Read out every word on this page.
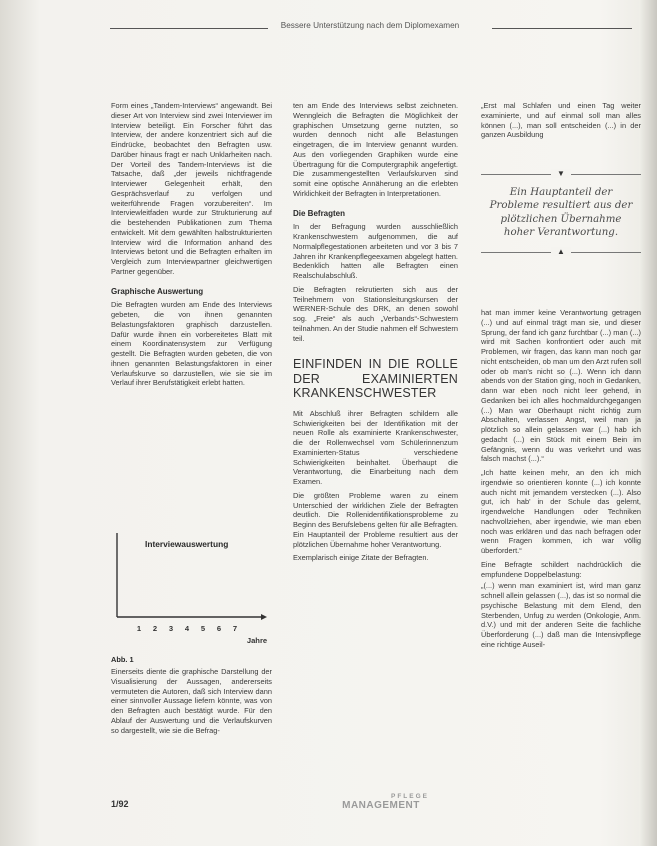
Bessere Unterstützung nach dem Diplomexamen

Form eines „Tandem-Interviews“ angewandt. Bei dieser Art von Interview sind zwei Interviewer im Interview beteiligt. Ein Forscher führt das Interview, der andere konzentriert sich auf die Eindrücke, beobachtet den Befragten usw. Darüber hinaus fragt er nach Unklarheiten nach. Der Vorteil des Tandem-Interviews ist die Tatsache, daß „der jeweils nichtfragende Interviewer Gelegenheit erhält, den Gesprächsverlauf zu verfolgen und weiterführende Fragen vorzubereiten“. Im Interviewleitfaden wurde zur Strukturierung auf die bestehenden Publikationen zum Thema entwickelt. Mit dem gewählten halbstrukturierten Interview wird die Information anhand des Interviews betont und die Befragten erhalten im Vergleich zum Interviewpartner gleichwertigen Partner gegenüber.

Graphische Auswertung

Die Befragten wurden am Ende des Interviews gebeten, die von ihnen genannten Belastungsfaktoren graphisch darzustellen. Dafür wurde ihnen ein vorbereitetes Blatt mit einem Koordinatensystem zur Verfügung gestellt. Die Befragten wurden gebeten, die von ihnen genannten Belastungsfaktoren in einer Verlaufskurve so darzustellen, wie sie sie im Verlauf ihrer Berufstätigkeit erlebt hatten.

Interviewauswertung
1 2 3 4 5 6 7
Jahre
Abb. 1

Einerseits diente die graphische Darstellung der Visualisierung der Aussagen, andererseits vermuteten die Autoren, daß sich Interview dann einer sinnvoller Aussage liefern könnte, was von den Befragten auch bestätigt wurde. Für den Ablauf der Auswertung und die Verlaufskurven so dargestellt, wie sie die Befrag-

ten am Ende des Interviews selbst zeichneten. Wenngleich die Befragten die Möglichkeit der graphischen Umsetzung gerne nutzten, so wurden dennoch nicht alle Belastungen eingetragen, die im Interview genannt wurden. Aus den vorliegenden Graphiken wurde eine Übertragung für die Computergraphik angefertigt. Die zusammengestellten Verlaufskurven sind somit eine optische Annäherung an die erlebten Wirklichkeit der Befragten in Interpretationen.

Die Befragten

In der Befragung wurden ausschließlich Krankenschwestern aufgenommen, die auf Normalpflegestationen arbeiteten und vor 3 bis 7 Jahren ihr Krankenpflegeexamen abgelegt hatten. Bedenklich hatten alle Befragten einen Realschulabschluß.

Die Befragten rekrutierten sich aus der Teilnehmern von Stationsleitungskursen der WERNER-Schule des DRK, an denen sowohl sog. „Freie“ als auch „Verbands“-Schwestern teilnahmen. An der Studie nahmen elf Schwestern teil.

EINFINDEN IN DIE ROLLE DER EXAMINIERTEN KRANKENSCHWESTER

Mit Abschluß ihrer Befragten schildern alle Schwierigkeiten bei der Identifikation mit der neuen Rolle als examinierte Krankenschwester, die der Rollenwechsel vom Schülerinnenzum Examinierten-Status verschiedene Schwierigkeiten beinhaltet. Überhaupt die Verantwortung, die Einarbeitung nach dem Examen.

Die größten Probleme waren zu einem Unterschied der wirklichen Ziele der Befragten deutlich. Die Rollenidentifikationsprobleme zu Beginn des Berufslebens gelten für alle Befragten. Ein Hauptanteil der Probleme resultiert aus der plötzlichen Übernahme hoher Verantwortung.

Exemplarisch einige Zitate der Befragten.

„Erst mal Schlafen und einen Tag weiter examinierte, und auf einmal soll man alles können (...), man soll entscheiden (...) in der ganzen Ausbildung

▼
Ein Hauptanteil der Probleme resultiert aus der plötzlichen Übernahme hoher Verantwortung.
▲

hat man immer keine Verantwortung getragen (...) und auf einmal trägt man sie, und dieser Sprung, der fand ich ganz furchtbar (...) man (...) wird mit Sachen konfrontiert oder auch mit Problemen, wir fragen, das kann man noch gar nicht entscheiden, ob man um den Arzt rufen soll oder ob man's nicht so (...). Wenn ich dann abends von der Station ging, noch in Gedanken, dann war eben noch nicht leer gehend, in Gedanken bei ich alles hochmaldurchgegangen (...) Man war Oberhaupt nicht richtig zum Abschalten, verlassen Angst, weil man ja plötzlich so allein gelassen war (...) hab ich gedacht (...) ein Stück mit einem Bein im Gefängnis, wenn du was verkehrt und was falsch machst (...).“

„Ich hatte keinen mehr, an den ich mich irgendwie so orientieren konnte (...) ich konnte auch nicht mit jemandem verstecken (...). Also gut, ich hab' in der Schule das gelernt, irgendwelche Handlungen oder Techniken nachvollziehen, aber irgendwie, wie man eben noch was erklären und das nach befragen oder wenn Fragen kommen, ich war völlig überfordert.“

Eine Befragte schildert nachdrücklich die empfundene Doppelbelastung:

„(...) wenn man examiniert ist, wird man ganz schnell allein gelassen (...), das ist so normal die psychische Belastung mit dem Elend, den Sterbenden, Unfug zu werden (Onkologie, Anm. d.V.) und mit der anderen Seite die fachliche Überforderung (...) daß man die Intensivpflege eine richtige Auseil-

1/92
PFLEGE
MANAGEMENT
